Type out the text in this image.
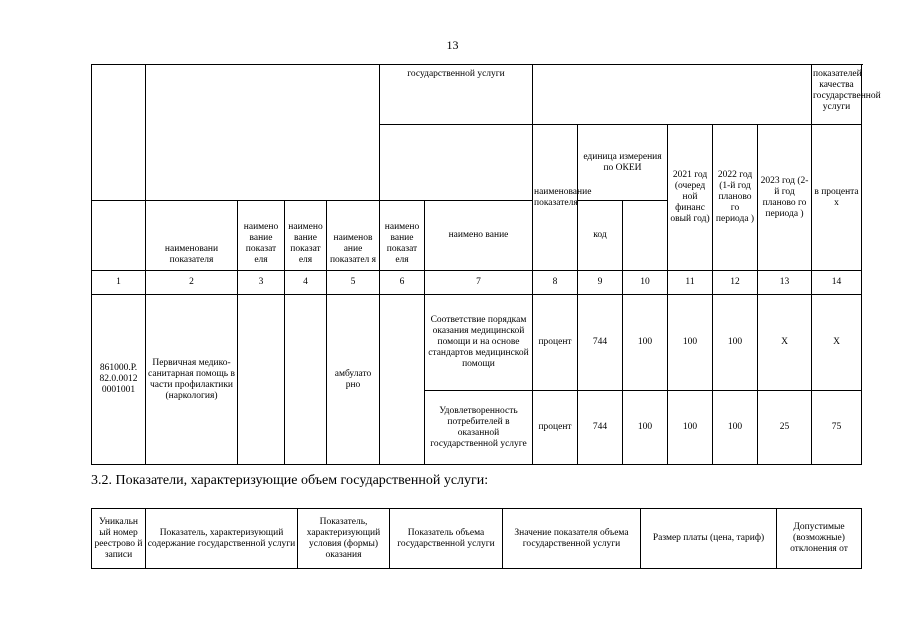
13
					государственной услуги								показателей качества государственной услуги	
							наименование показателя	единица измерения по ОКЕИ		2021 год (очеред ной финанс овый год)	2022 год (1-й год планово го периода )	2023 год (2-й год планово го периода )	в процента х	
	наименовани показателя	наимено вание показат еля	наимено вание показат еля	наименов ание показател я	наимено вание показат еля	наимено вание		код						
1	2	3	4	5	6	7	8	9	10	11	12	13	14	
861000.Р. 82.0.0012 0001001	Первичная медико- санитарная помощь в части профилактики (наркология)			амбулато рно		Соответствие порядкам оказания медицинской помощи и на основе стандартов медицинской помощи	процент	744	100	100	100	Х	Х	
						Удовлетворенность потребителей в оказанной государственной услуге	процент	744	100	100	100	25	75	
3.2. Показатели, характеризующие объем государственной услуги:
Уникальн ый номер реестрово й записи	Показатель, характеризующий содержание государственной услуги	Показатель, характеризующий условия (формы) оказания	Показатель объема государственной услуги	Значение показателя объема государственной услуги	Размер платы (цена, тариф)	Допустимые (возможные) отклонения от
